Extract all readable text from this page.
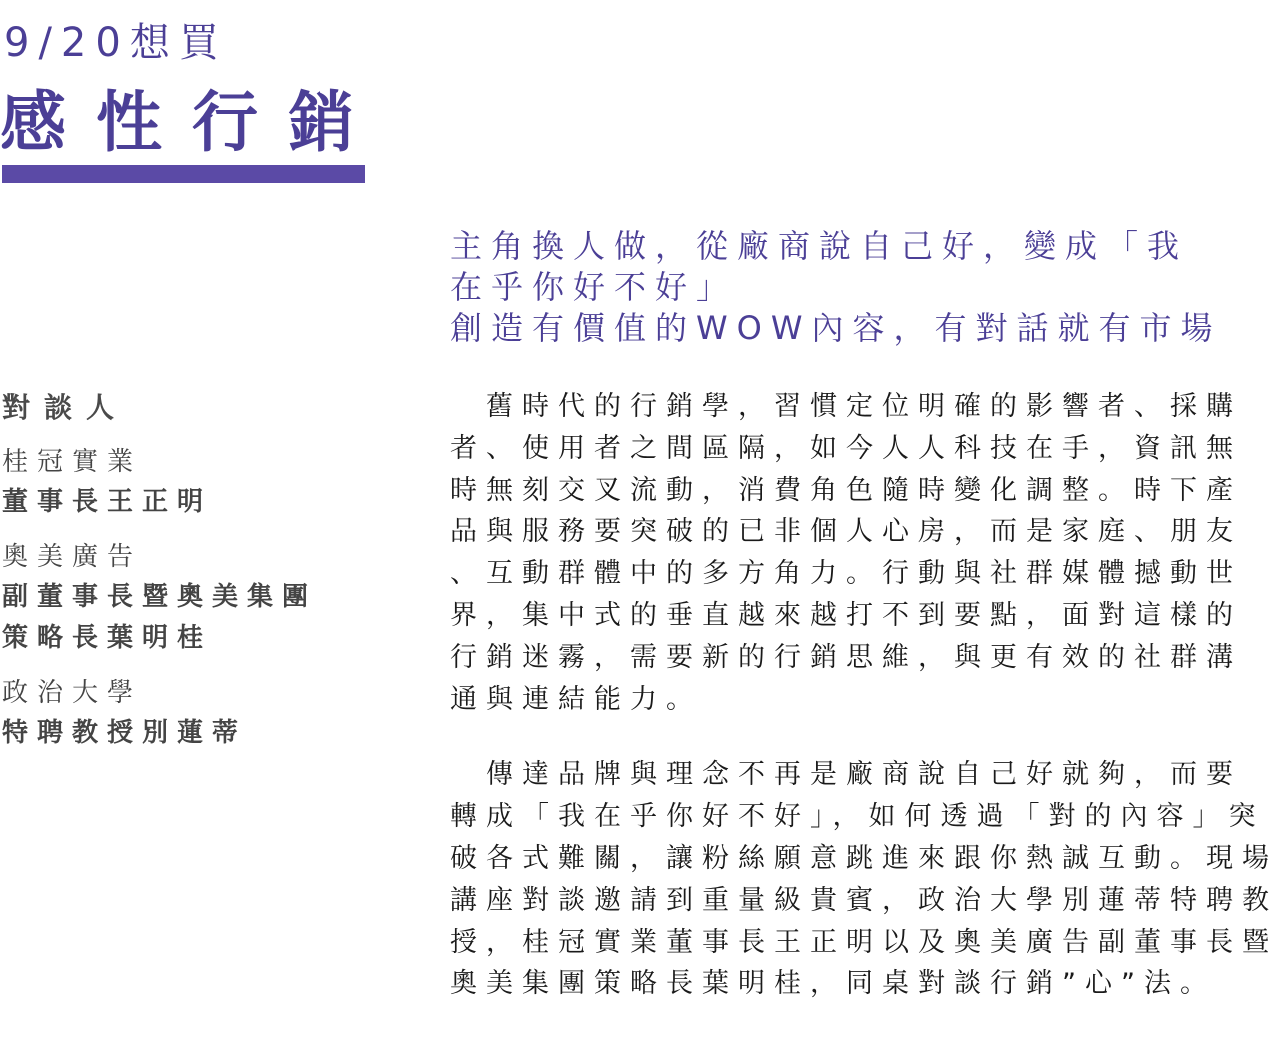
9/20想買
感性行銷
主角換人做，從廠商說自己好，變成「我
在乎你好不好」
創造有價值的WOW內容，有對話就有市場
對談人
桂冠實業
董事長王正明
奧美廣告
副董事長暨奧美集團
策略長葉明桂
政治大學
特聘教授別蓮蒂
　舊時代的行銷學，習慣定位明確的影響者、採購
者、使用者之間區隔，如今人人科技在手，資訊無
時無刻交叉流動，消費角色隨時變化調整。時下產
品與服務要突破的已非個人心房，而是家庭、朋友
、互動群體中的多方角力。行動與社群媒體撼動世
界，集中式的垂直越來越打不到要點，面對這樣的
行銷迷霧，需要新的行銷思維，與更有效的社群溝
通與連結能力。
　傳達品牌與理念不再是廠商說自己好就夠，而要
轉成「我在乎你好不好」，如何透過「對的內容」突
破各式難關，讓粉絲願意跳進來跟你熱誠互動。現場
講座對談邀請到重量級貴賓，政治大學別蓮蒂特聘教
授，桂冠實業董事長王正明以及奧美廣告副董事長暨
奧美集團策略長葉明桂，同桌對談行銷”心”法。
